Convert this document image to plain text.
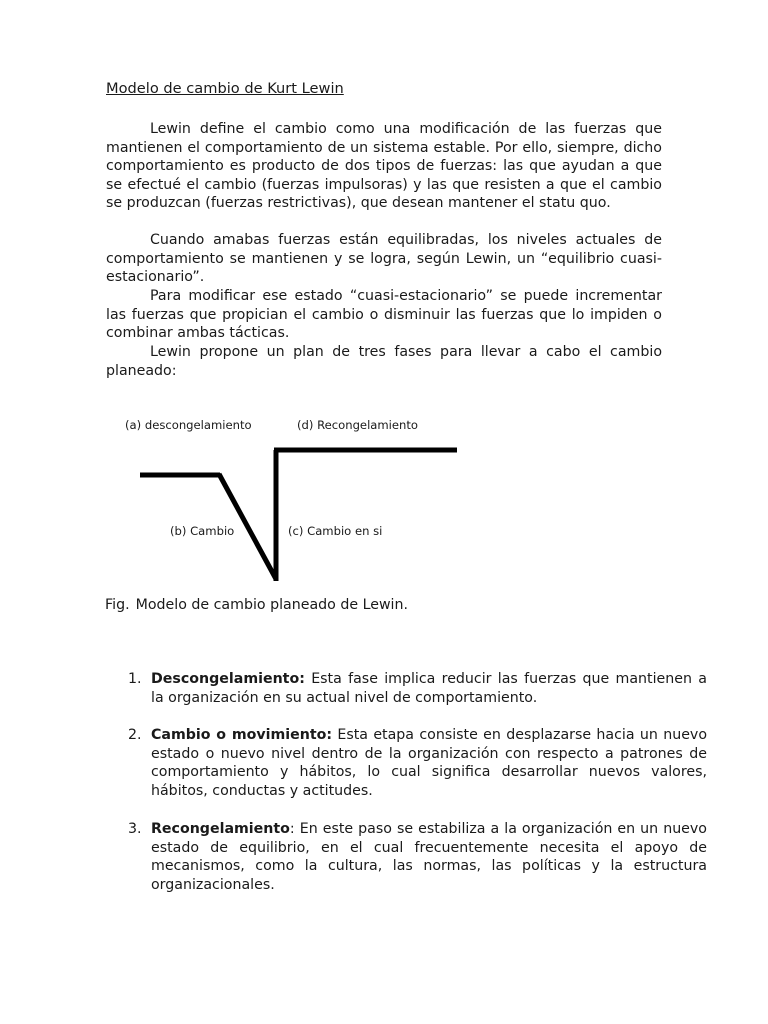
Modelo de cambio de Kurt Lewin

Lewin define el cambio como una modificación de las fuerzas que mantienen el comportamiento de un sistema estable. Por ello, siempre, dicho comportamiento es producto de dos tipos de fuerzas: las que ayudan a que se efectué el cambio (fuerzas impulsoras) y las que resisten a que el cambio se produzcan (fuerzas restrictivas), que desean mantener el statu quo.

Cuando amabas fuerzas están equilibradas, los niveles actuales de comportamiento se mantienen y se logra, según Lewin, un “equilibrio cuasi-estacionario”.

Para modificar ese estado “cuasi-estacionario” se puede incrementar las fuerzas que propician el cambio o disminuir las fuerzas que lo impiden o combinar ambas tácticas.

Lewin propone un plan de tres fases para llevar a cabo el cambio planeado:

(a) descongelamiento	(d) Recongelamiento
(b) Cambio	(c) Cambio en si
Fig. Modelo de cambio planeado de Lewin.
1. Descongelamiento: Esta fase implica reducir las fuerzas que mantienen a la organización en su actual nivel de comportamiento.
2. Cambio o movimiento: Esta etapa consiste en desplazarse hacia un nuevo estado o nuevo nivel dentro de la organización con respecto a patrones de comportamiento y hábitos, lo cual significa desarrollar nuevos valores, hábitos, conductas y actitudes.
3. Recongelamiento: En este paso se estabiliza a la organización en un nuevo estado de equilibrio, en el cual frecuentemente necesita el apoyo de mecanismos, como la cultura, las normas, las políticas y la estructura organizacionales.
